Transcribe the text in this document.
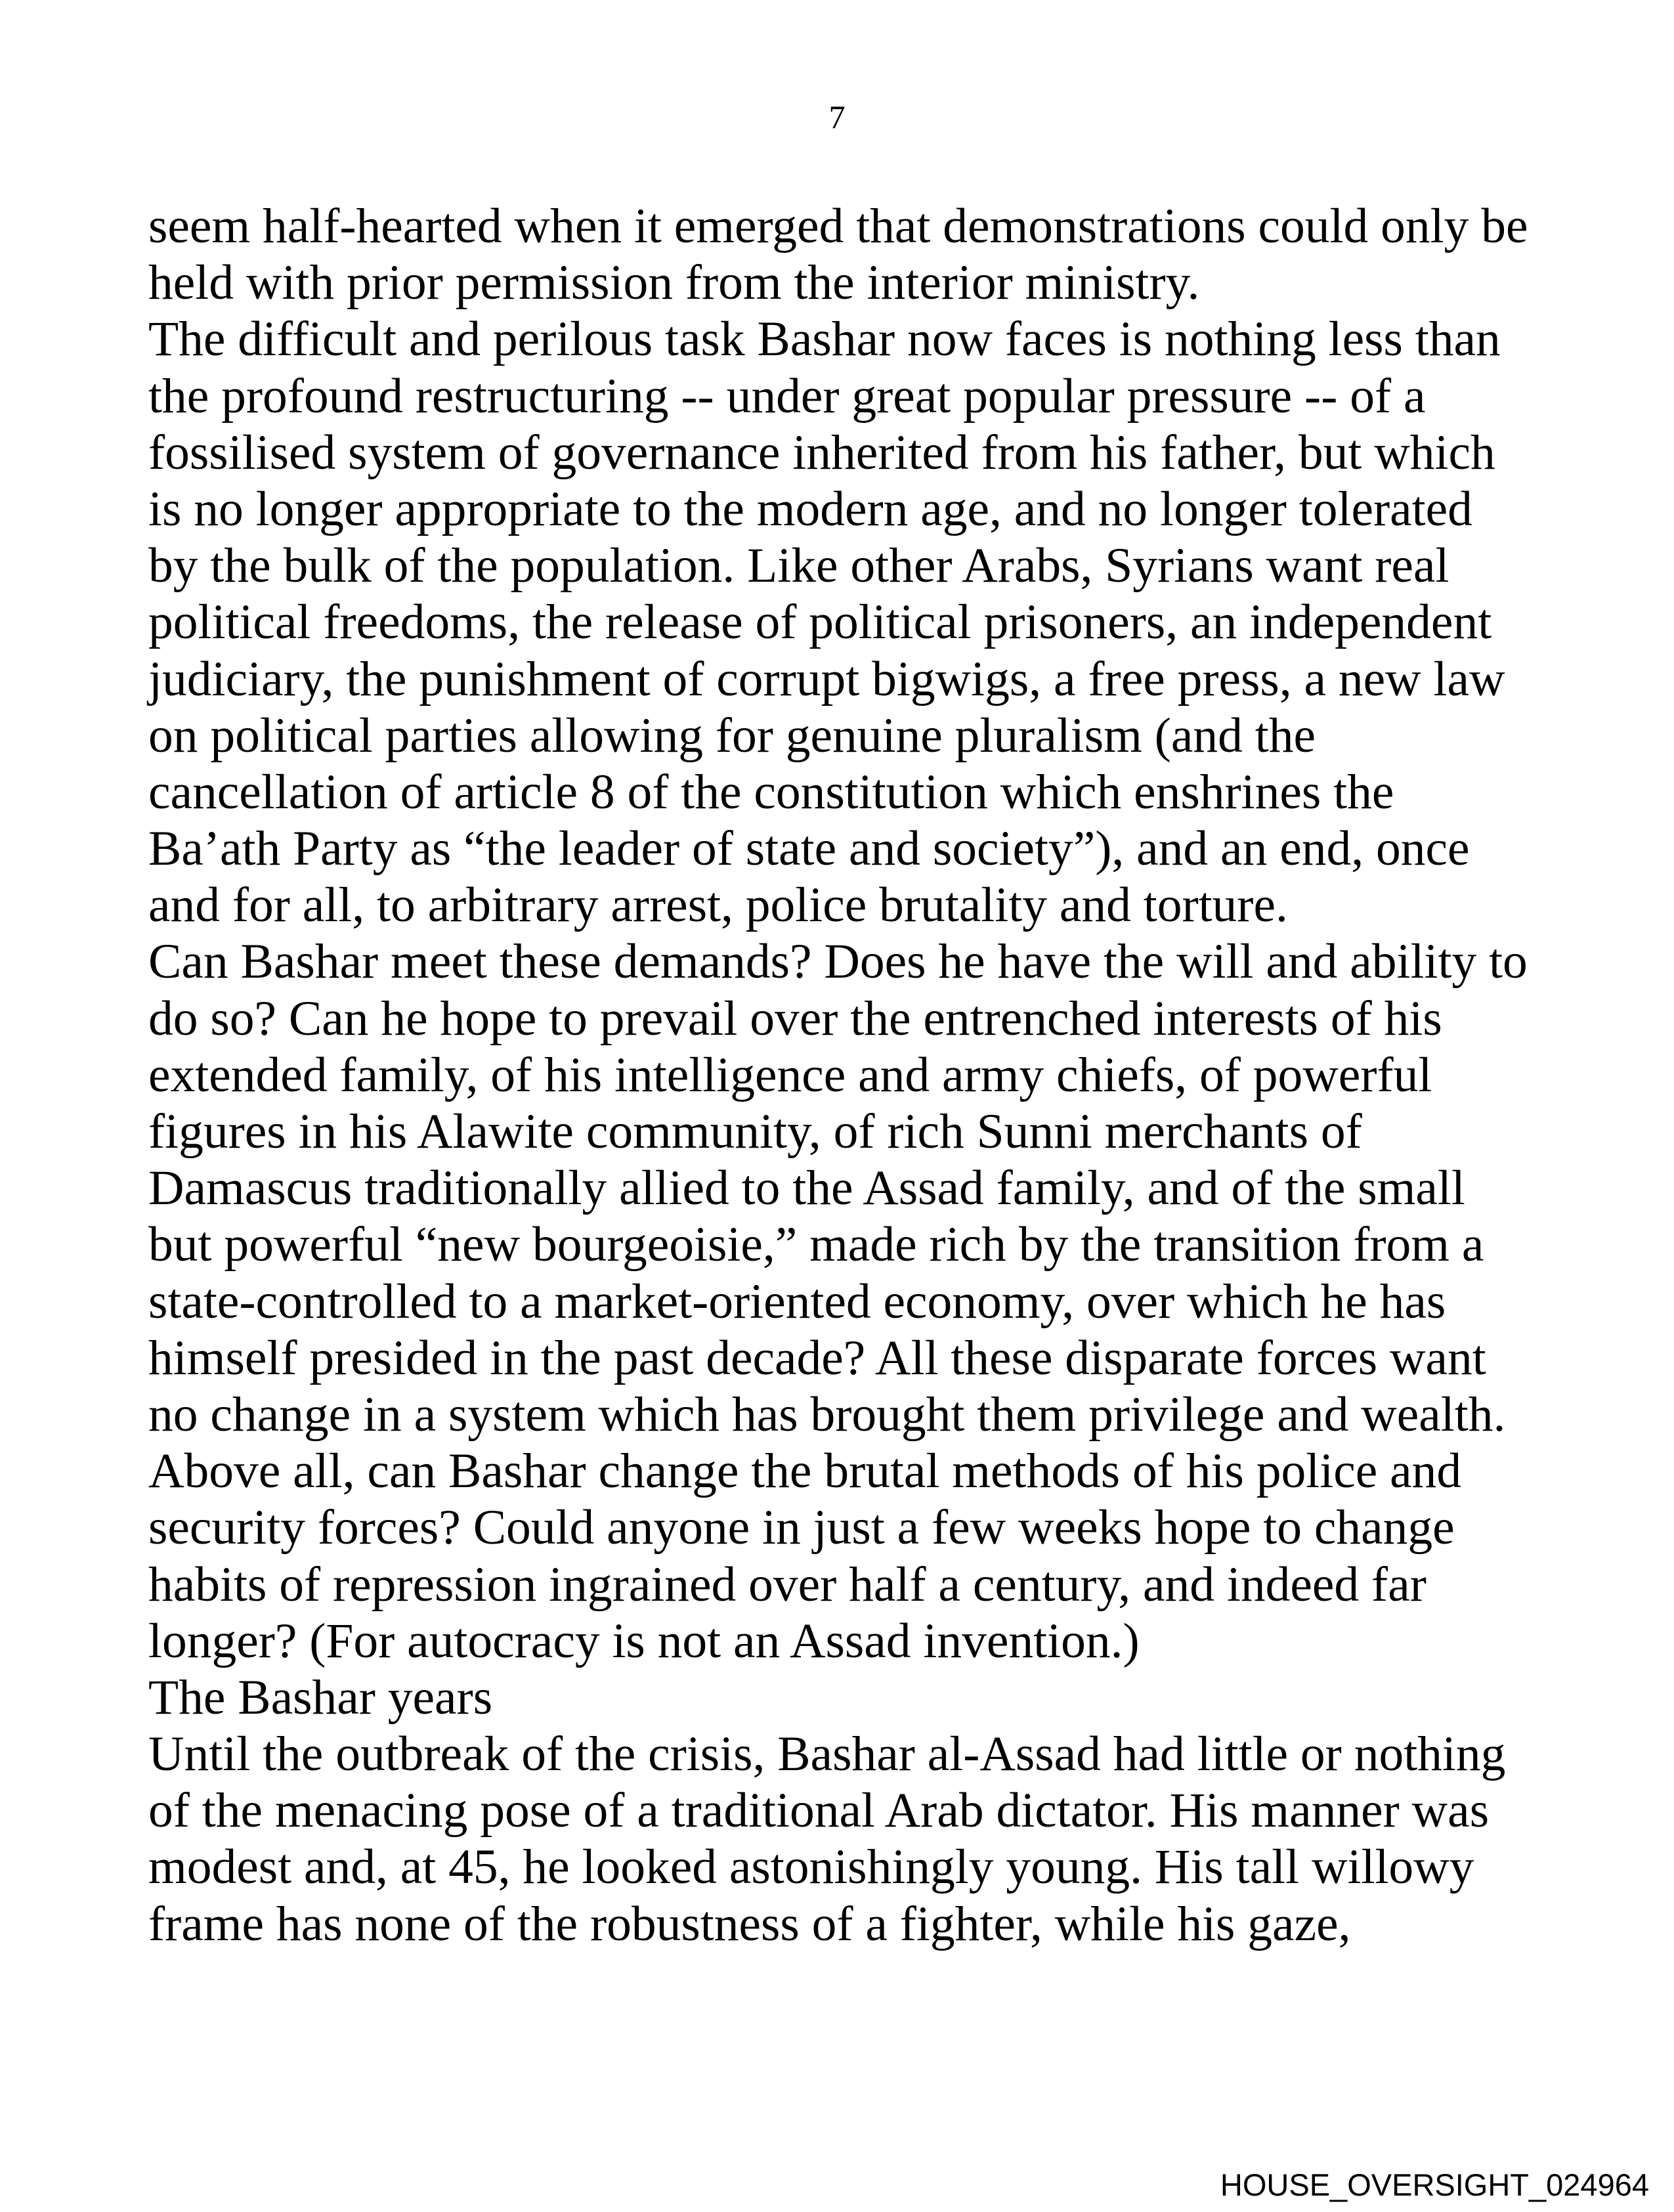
7
seem half-hearted when it emerged that demonstrations could only be
held with prior permission from the interior ministry.
The difficult and perilous task Bashar now faces is nothing less than
the profound restructuring -- under great popular pressure -- of a
fossilised system of governance inherited from his father, but which
is no longer appropriate to the modern age, and no longer tolerated
by the bulk of the population. Like other Arabs, Syrians want real
political freedoms, the release of political prisoners, an independent
judiciary, the punishment of corrupt bigwigs, a free press, a new law
on political parties allowing for genuine pluralism (and the
cancellation of article 8 of the constitution which enshrines the
Ba’ath Party as “the leader of state and society”), and an end, once
and for all, to arbitrary arrest, police brutality and torture.
Can Bashar meet these demands? Does he have the will and ability to
do so? Can he hope to prevail over the entrenched interests of his
extended family, of his intelligence and army chiefs, of powerful
figures in his Alawite community, of rich Sunni merchants of
Damascus traditionally allied to the Assad family, and of the small
but powerful “new bourgeoisie,” made rich by the transition from a
state-controlled to a market-oriented economy, over which he has
himself presided in the past decade? All these disparate forces want
no change in a system which has brought them privilege and wealth.
Above all, can Bashar change the brutal methods of his police and
security forces? Could anyone in just a few weeks hope to change
habits of repression ingrained over half a century, and indeed far
longer? (For autocracy is not an Assad invention.)
The Bashar years
Until the outbreak of the crisis, Bashar al-Assad had little or nothing
of the menacing pose of a traditional Arab dictator. His manner was
modest and, at 45, he looked astonishingly young. His tall willowy
frame has none of the robustness of a fighter, while his gaze,
HOUSE_OVERSIGHT_024964
